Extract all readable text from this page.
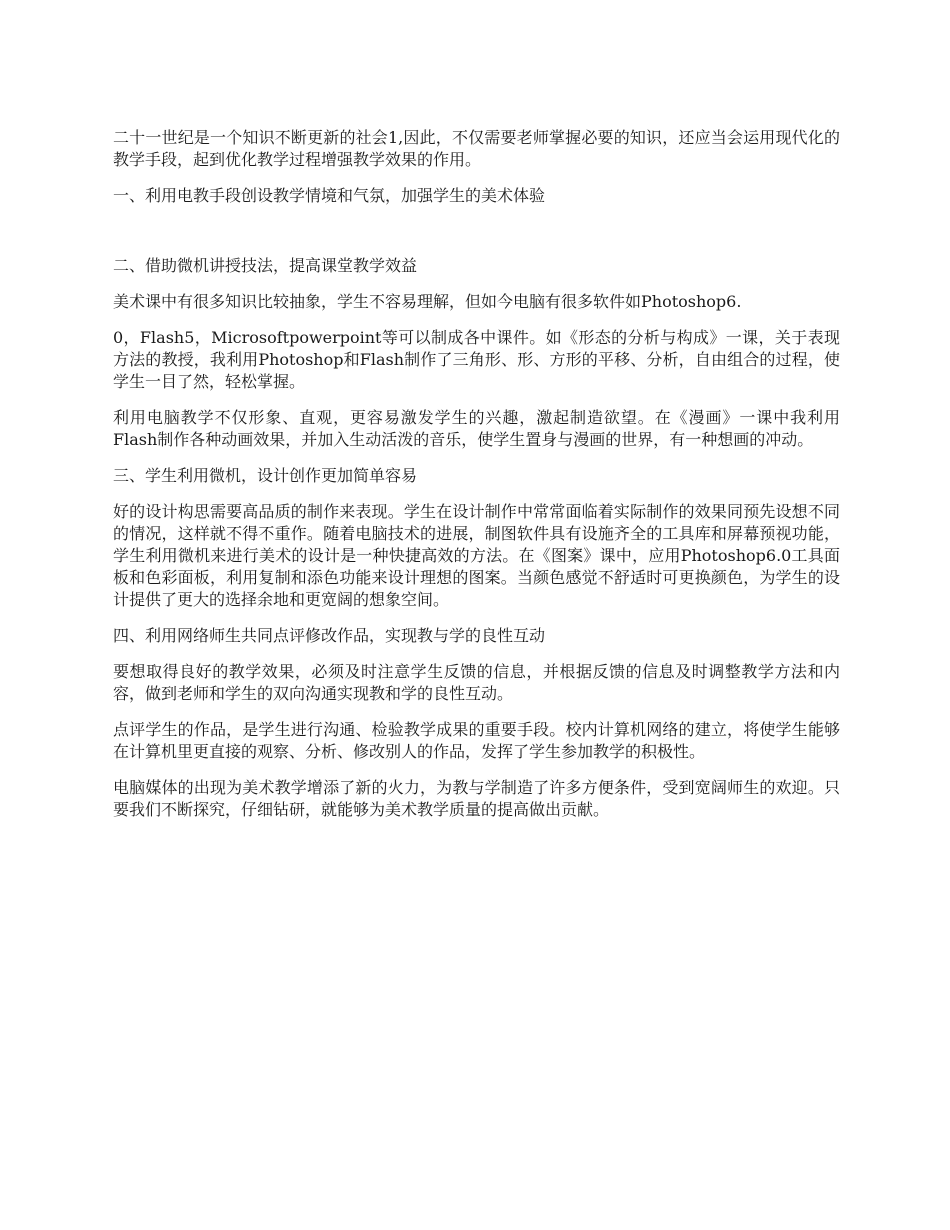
二十一世纪是一个知识不断更新的社会1,因此，不仅需要老师掌握必要的知识，还应当会运用现代化的教学手段，起到优化教学过程增强教学效果的作用。

一、利用电教手段创设教学情境和气氛，加强学生的美术体验

二、借助微机讲授技法，提高课堂教学效益

美术课中有很多知识比较抽象，学生不容易理解，但如今电脑有很多软件如Photoshop6.

0，Flash5，Microsoftpowerpoint等可以制成各中课件。如《形态的分析与构成》一课，关于表现方法的教授，我利用Photoshop和Flash制作了三角形、形、方形的平移、分析，自由组合的过程，使学生一目了然，轻松掌握。

利用电脑教学不仅形象、直观，更容易激发学生的兴趣，激起制造欲望。在《漫画》一课中我利用Flash制作各种动画效果，并加入生动活泼的音乐，使学生置身与漫画的世界，有一种想画的冲动。

三、学生利用微机，设计创作更加简单容易

好的设计构思需要高品质的制作来表现。学生在设计制作中常常面临着实际制作的效果同预先设想不同的情况，这样就不得不重作。随着电脑技术的进展，制图软件具有设施齐全的工具库和屏幕预视功能，学生利用微机来进行美术的设计是一种快捷高效的方法。在《图案》课中，应用Photoshop6.0工具面板和色彩面板，利用复制和添色功能来设计理想的图案。当颜色感觉不舒适时可更换颜色，为学生的设计提供了更大的选择余地和更宽阔的想象空间。

四、利用网络师生共同点评修改作品，实现教与学的良性互动

要想取得良好的教学效果，必须及时注意学生反馈的信息，并根据反馈的信息及时调整教学方法和内容，做到老师和学生的双向沟通实现教和学的良性互动。

点评学生的作品，是学生进行沟通、检验教学成果的重要手段。校内计算机网络的建立，将使学生能够在计算机里更直接的观察、分析、修改别人的作品，发挥了学生参加教学的积极性。

电脑媒体的出现为美术教学增添了新的火力，为教与学制造了许多方便条件，受到宽阔师生的欢迎。只要我们不断探究，仔细钻研，就能够为美术教学质量的提高做出贡献。
